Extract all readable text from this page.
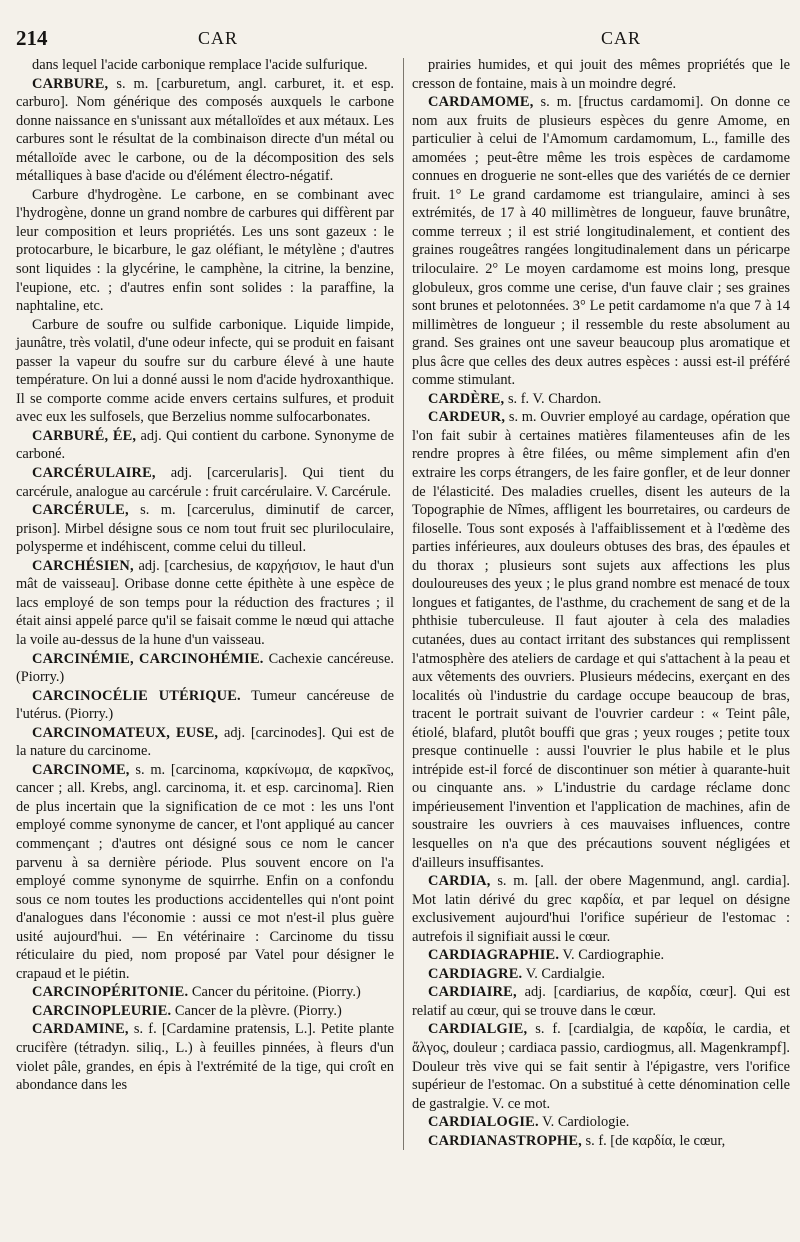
214	CAR	CAR

dans lequel l'acide carbonique remplace l'acide sulfurique.

CARBURE, s. m. [carburetum, angl. carburet, it. et esp. carburo]. Nom générique des composés auxquels le carbone donne naissance en s'unissant aux métalloïdes et aux métaux. Les carbures sont le résultat de la combinaison directe d'un métal ou métalloïde avec le carbone, ou de la décomposition des sels métalliques à base d'acide ou d'élément électro-négatif.

Carbure d'hydrogène. Le carbone, en se combinant avec l'hydrogène, donne un grand nombre de carbures qui diffèrent par leur composition et leurs propriétés. Les uns sont gazeux : le protocarbure, le bicarbure, le gaz oléfiant, le métylène ; d'autres sont liquides : la glycérine, le camphène, la citrine, la benzine, l'eupione, etc. ; d'autres enfin sont solides : la paraffine, la naphtaline, etc.

Carbure de soufre ou sulfide carbonique. Liquide limpide, jaunâtre, très volatil, d'une odeur infecte, qui se produit en faisant passer la vapeur du soufre sur du carbure élevé à une haute température. On lui a donné aussi le nom d'acide hydroxanthique. Il se comporte comme acide envers certains sulfures, et produit avec eux les sulfosels, que Berzelius nomme sulfocarbonates.

CARBURÉ, ÉE, adj. Qui contient du carbone. Synonyme de carboné.

CARCÉRULAIRE, adj. [carcerularis]. Qui tient du carcérule, analogue au carcérule : fruit carcérulaire. V. Carcérule.

CARCÉRULE, s. m. [carcerulus, diminutif de carcer, prison]. Mirbel désigne sous ce nom tout fruit sec pluriloculaire, polysperme et indéhiscent, comme celui du tilleul.

CARCHÉSIEN, adj. [carchesius, de καρχήσιον, le haut d'un mât de vaisseau]. Oribase donne cette épithète à une espèce de lacs employé de son temps pour la réduction des fractures ; il était ainsi appelé parce qu'il se faisait comme le nœud qui attache la voile au-dessus de la hune d'un vaisseau.

CARCINÉMIE, CARCINOHÉMIE. Cachexie cancéreuse. (Piorry.)

CARCINOCÉLIE UTÉRIQUE. Tumeur cancéreuse de l'utérus. (Piorry.)

CARCINOMATEUX, EUSE, adj. [carcinodes]. Qui est de la nature du carcinome.

CARCINOME, s. m. [carcinoma, καρκίνωμα, de καρκῖνος, cancer ; all. Krebs, angl. carcinoma, it. et esp. carcinoma]. Rien de plus incertain que la signification de ce mot : les uns l'ont employé comme synonyme de cancer, et l'ont appliqué au cancer commençant ; d'autres ont désigné sous ce nom le cancer parvenu à sa dernière période. Plus souvent encore on l'a employé comme synonyme de squirrhe. Enfin on a confondu sous ce nom toutes les productions accidentelles qui n'ont point d'analogues dans l'économie : aussi ce mot n'est-il plus guère usité aujourd'hui. — En vétérinaire : Carcinome du tissu réticulaire du pied, nom proposé par Vatel pour désigner le crapaud et le piétin.

CARCINOPÉRITONIE. Cancer du péritoine. (Piorry.)

CARCINOPLEURIE. Cancer de la plèvre. (Piorry.)

CARDAMINE, s. f. [Cardamine pratensis, L.]. Petite plante crucifère (tétradyn. siliq., L.) à feuilles pinnées, à fleurs d'un violet pâle, grandes, en épis à l'extrémité de la tige, qui croît en abondance dans les

prairies humides, et qui jouit des mêmes propriétés que le cresson de fontaine, mais à un moindre degré.

CARDAMOME, s. m. [fructus cardamomi]. On donne ce nom aux fruits de plusieurs espèces du genre Amome, en particulier à celui de l'Amomum cardamomum, L., famille des amomées ; peut-être même les trois espèces de cardamome connues en droguerie ne sont-elles que des variétés de ce dernier fruit. 1° Le grand cardamome est triangulaire, aminci à ses extrémités, de 17 à 40 millimètres de longueur, fauve brunâtre, comme terreux ; il est strié longitudinalement, et contient des graines rougeâtres rangées longitudinalement dans un péricarpe triloculaire. 2° Le moyen cardamome est moins long, presque globuleux, gros comme une cerise, d'un fauve clair ; ses graines sont brunes et pelotonnées. 3° Le petit cardamome n'a que 7 à 14 millimètres de longueur ; il ressemble du reste absolument au grand. Ses graines ont une saveur beaucoup plus aromatique et plus âcre que celles des deux autres espèces : aussi est-il préféré comme stimulant.

CARDÈRE, s. f. V. Chardon.

CARDEUR, s. m. Ouvrier employé au cardage, opération que l'on fait subir à certaines matières filamenteuses afin de les rendre propres à être filées, ou même simplement afin d'en extraire les corps étrangers, de les faire gonfler, et de leur donner de l'élasticité. Des maladies cruelles, disent les auteurs de la Topographie de Nîmes, affligent les bourretaires, ou cardeurs de filoselle. Tous sont exposés à l'affaiblissement et à l'œdème des parties inférieures, aux douleurs obtuses des bras, des épaules et du thorax ; plusieurs sont sujets aux affections les plus douloureuses des yeux ; le plus grand nombre est menacé de toux longues et fatigantes, de l'asthme, du crachement de sang et de la phthisie tuberculeuse. Il faut ajouter à cela des maladies cutanées, dues au contact irritant des substances qui remplissent l'atmosphère des ateliers de cardage et qui s'attachent à la peau et aux vêtements des ouvriers. Plusieurs médecins, exerçant en des localités où l'industrie du cardage occupe beaucoup de bras, tracent le portrait suivant de l'ouvrier cardeur : « Teint pâle, étiolé, blafard, plutôt bouffi que gras ; yeux rouges ; petite toux presque continuelle : aussi l'ouvrier le plus habile et le plus intrépide est-il forcé de discontinuer son métier à quarante-huit ou cinquante ans. » L'industrie du cardage réclame donc impérieusement l'invention et l'application de machines, afin de soustraire les ouvriers à ces mauvaises influences, contre lesquelles on n'a que des précautions souvent négligées et d'ailleurs insuffisantes.

CARDIA, s. m. [all. der obere Magenmund, angl. cardia]. Mot latin dérivé du grec καρδία, et par lequel on désigne exclusivement aujourd'hui l'orifice supérieur de l'estomac : autrefois il signifiait aussi le cœur.

CARDIAGRAPHIE. V. Cardiographie.

CARDIAGRE. V. Cardialgie.

CARDIAIRE, adj. [cardiarius, de καρδία, cœur]. Qui est relatif au cœur, qui se trouve dans le cœur.

CARDIALGIE, s. f. [cardialgia, de καρδία, le cardia, et ἄλγος, douleur ; cardiaca passio, cardiogmus, all. Magenkrampf]. Douleur très vive qui se fait sentir à l'épigastre, vers l'orifice supérieur de l'estomac. On a substitué à cette dénomination celle de gastralgie. V. ce mot.

CARDIALOGIE. V. Cardiologie.

CARDIANASTROPHE, s. f. [de καρδία, le cœur,
